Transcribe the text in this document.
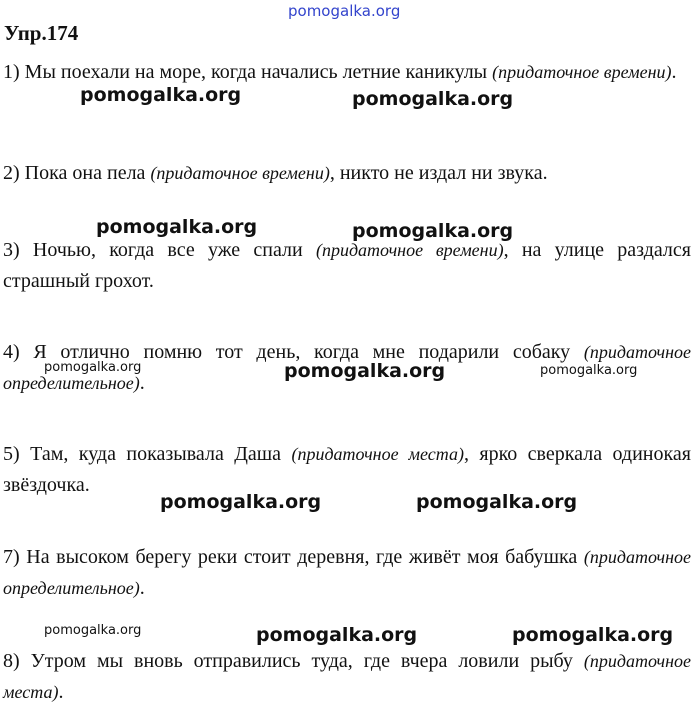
pomogalka.org
Упр.174
1) Мы поехали на море, когда начались летние каникулы (придаточное времени).
2) Пока она пела (придаточное времени), никто не издал ни звука.
3) Ночью, когда все уже спали (придаточное времени), на улице раздался страшный грохот.
4) Я отлично помню тот день, когда мне подарили собаку (придаточное определительное).
5) Там, куда показывала Даша (придаточное места), ярко сверкала одинокая звёздочка.
7) На высоком берегу реки стоит деревня, где живёт моя бабушка (придаточное определительное).
8) Утром мы вновь отправились туда, где вчера ловили рыбу (придаточное места).
pomogalka.org	pomogalka.org
pomogalka.org	pomogalka.org
pomogalka.org	pomogalka.org	pomogalka.org
pomogalka.org	pomogalka.org
pomogalka.org	pomogalka.org	pomogalka.org
